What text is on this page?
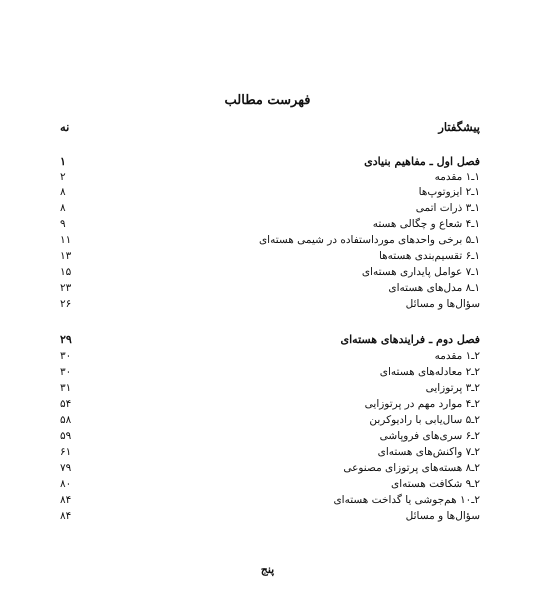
فهرست مطالب
پیشگفتار
نه
فصل اول ـ مفاهیم بنیادی
۱
۱ـ۱ مقدمه
۲
۱ـ۲ ایزوتوپ‌ها
۸
۱ـ۳ ذرات اتمی
۸
۱ـ۴ شعاع و چگالی هسته
۹
۱ـ۵ برخی واحدهای مورداستفاده در شیمی هسته‌ای
۱۱
۱ـ۶ تقسیم‌بندی هسته‌ها
۱۳
۱ـ۷ عوامل پایداری هسته‌ای
۱۵
۱ـ۸ مدل‌های هسته‌ای
۲۳
سؤال‌ها و مسائل
۲۶
فصل دوم ـ فرایندهای هسته‌ای
۲۹
۲ـ۱ مقدمه
۳۰
۲ـ۲ معادله‌های هسته‌ای
۳۰
۲ـ۳ پرتوزایی
۳۱
۲ـ۴ موارد مهم در پرتوزایی
۵۴
۲ـ۵ سال‌یابی با رادیوکربن
۵۸
۲ـ۶ سری‌های فروپاشی
۵۹
۲ـ۷ واکنش‌های هسته‌ای
۶۱
۲ـ۸ هسته‌های پرتوزای مصنوعی
۷۹
۲ـ۹ شکافت هسته‌ای
۸۰
۲ـ۱۰ هم‌جوشی یا گداخت هسته‌ای
۸۴
سؤال‌ها و مسائل
۸۴
پنج
